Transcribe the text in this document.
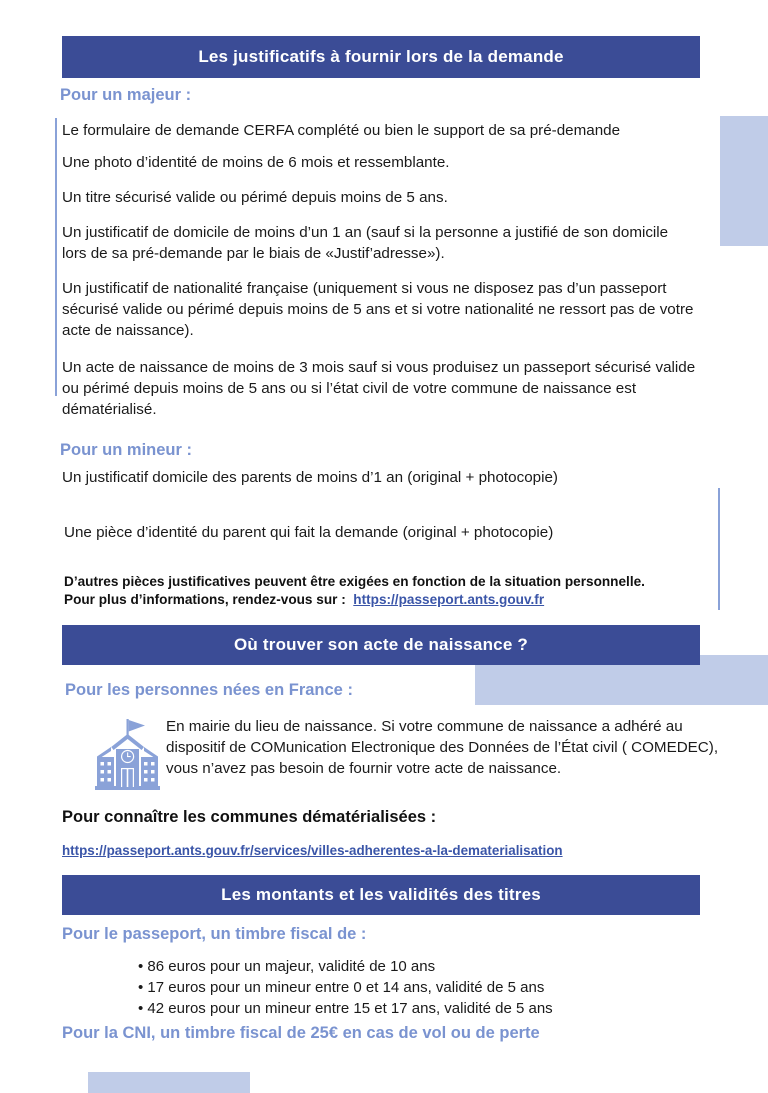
Les justificatifs à fournir lors de la demande
Pour un majeur :
Le formulaire de demande CERFA complété ou bien le support de sa pré-demande
Une photo d’identité de moins de 6 mois et ressemblante.
Un titre sécurisé valide ou périmé depuis moins de 5 ans.
Un justificatif de domicile de moins d’un 1 an (sauf si la personne a justifié de son domicile lors de sa pré-demande par le biais de «Justif’adresse»).
Un justificatif de nationalité française (uniquement si vous ne disposez pas d’un passeport sécurisé valide ou périmé depuis moins de 5 ans et si votre nationalité ne ressort pas de votre acte de naissance).
Un acte de naissance de moins de 3 mois sauf si vous produisez un passeport sécurisé valide ou périmé depuis moins de 5 ans ou si l’état civil de votre commune de naissance est dématérialisé.
Pour un mineur :
Un justificatif domicile des parents de moins d’1 an (original + photocopie)
Une pièce d’identité du parent qui fait la demande (original + photocopie)
D’autres pièces justificatives peuvent être exigées en fonction de la situation personnelle.
Pour plus d’informations, rendez-vous sur : https://passeport.ants.gouv.fr
Où trouver son acte de naissance ?
Pour les personnes nées en France :
En mairie du lieu de naissance. Si votre commune de naissance a adhéré au dispositif de COMunication Electronique des Données de l’État civil ( COMEDEC), vous n’avez pas besoin de fournir votre acte de naissance.
Pour connaître les communes dématérialisées :
https://passeport.ants.gouv.fr/services/villes-adherentes-a-la-dematerialisation
Les montants et les validités des titres
Pour le passeport, un timbre fiscal de :
• 86 euros pour un majeur, validité de 10 ans
• 17 euros pour un mineur entre 0 et 14 ans, validité de 5 ans
• 42 euros pour un mineur entre 15 et 17 ans, validité de 5 ans
Pour la CNI, un timbre fiscal de 25€ en cas de vol ou de perte
